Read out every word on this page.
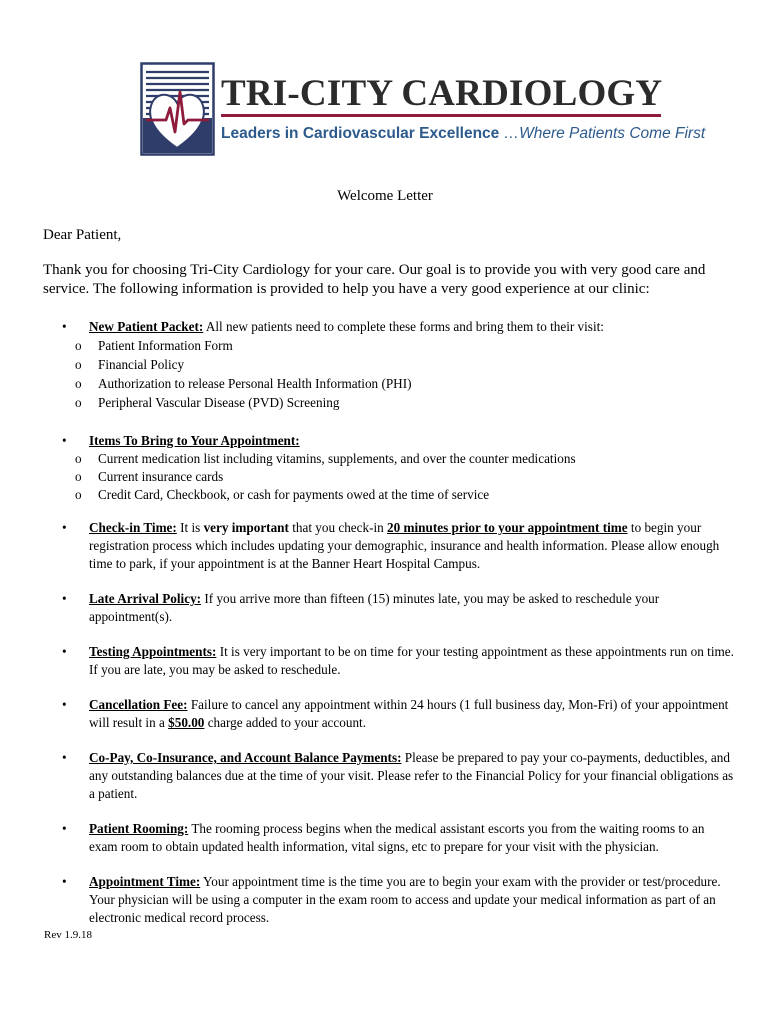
TRI-CITY CARDIOLOGY
Leaders in Cardiovascular Excellence …Where Patients Come First
Welcome Letter
Dear Patient,
Thank you for choosing Tri-City Cardiology for your care. Our goal is to provide you with very good care and service. The following information is provided to help you have a very good experience at our clinic:
• New Patient Packet: All new patients need to complete these forms and bring them to their visit:
o Patient Information Form
o Financial Policy
o Authorization to release Personal Health Information (PHI)
o Peripheral Vascular Disease (PVD) Screening
• Items To Bring to Your Appointment:
o Current medication list including vitamins, supplements, and over the counter medications
o Current insurance cards
o Credit Card, Checkbook, or cash for payments owed at the time of service
• Check-in Time: It is very important that you check-in 20 minutes prior to your appointment time to begin your registration process which includes updating your demographic, insurance and health information. Please allow enough time to park, if your appointment is at the Banner Heart Hospital Campus.
• Late Arrival Policy: If you arrive more than fifteen (15) minutes late, you may be asked to reschedule your appointment(s).
• Testing Appointments: It is very important to be on time for your testing appointment as these appointments run on time. If you are late, you may be asked to reschedule.
• Cancellation Fee: Failure to cancel any appointment within 24 hours (1 full business day, Mon-Fri) of your appointment will result in a $50.00 charge added to your account.
• Co-Pay, Co-Insurance, and Account Balance Payments: Please be prepared to pay your co-payments, deductibles, and any outstanding balances due at the time of your visit. Please refer to the Financial Policy for your financial obligations as a patient.
• Patient Rooming: The rooming process begins when the medical assistant escorts you from the waiting rooms to an exam room to obtain updated health information, vital signs, etc to prepare for your visit with the physician.
• Appointment Time: Your appointment time is the time you are to begin your exam with the provider or test/procedure. Your physician will be using a computer in the exam room to access and update your medical information as part of an electronic medical record process.
Rev 1.9.18
